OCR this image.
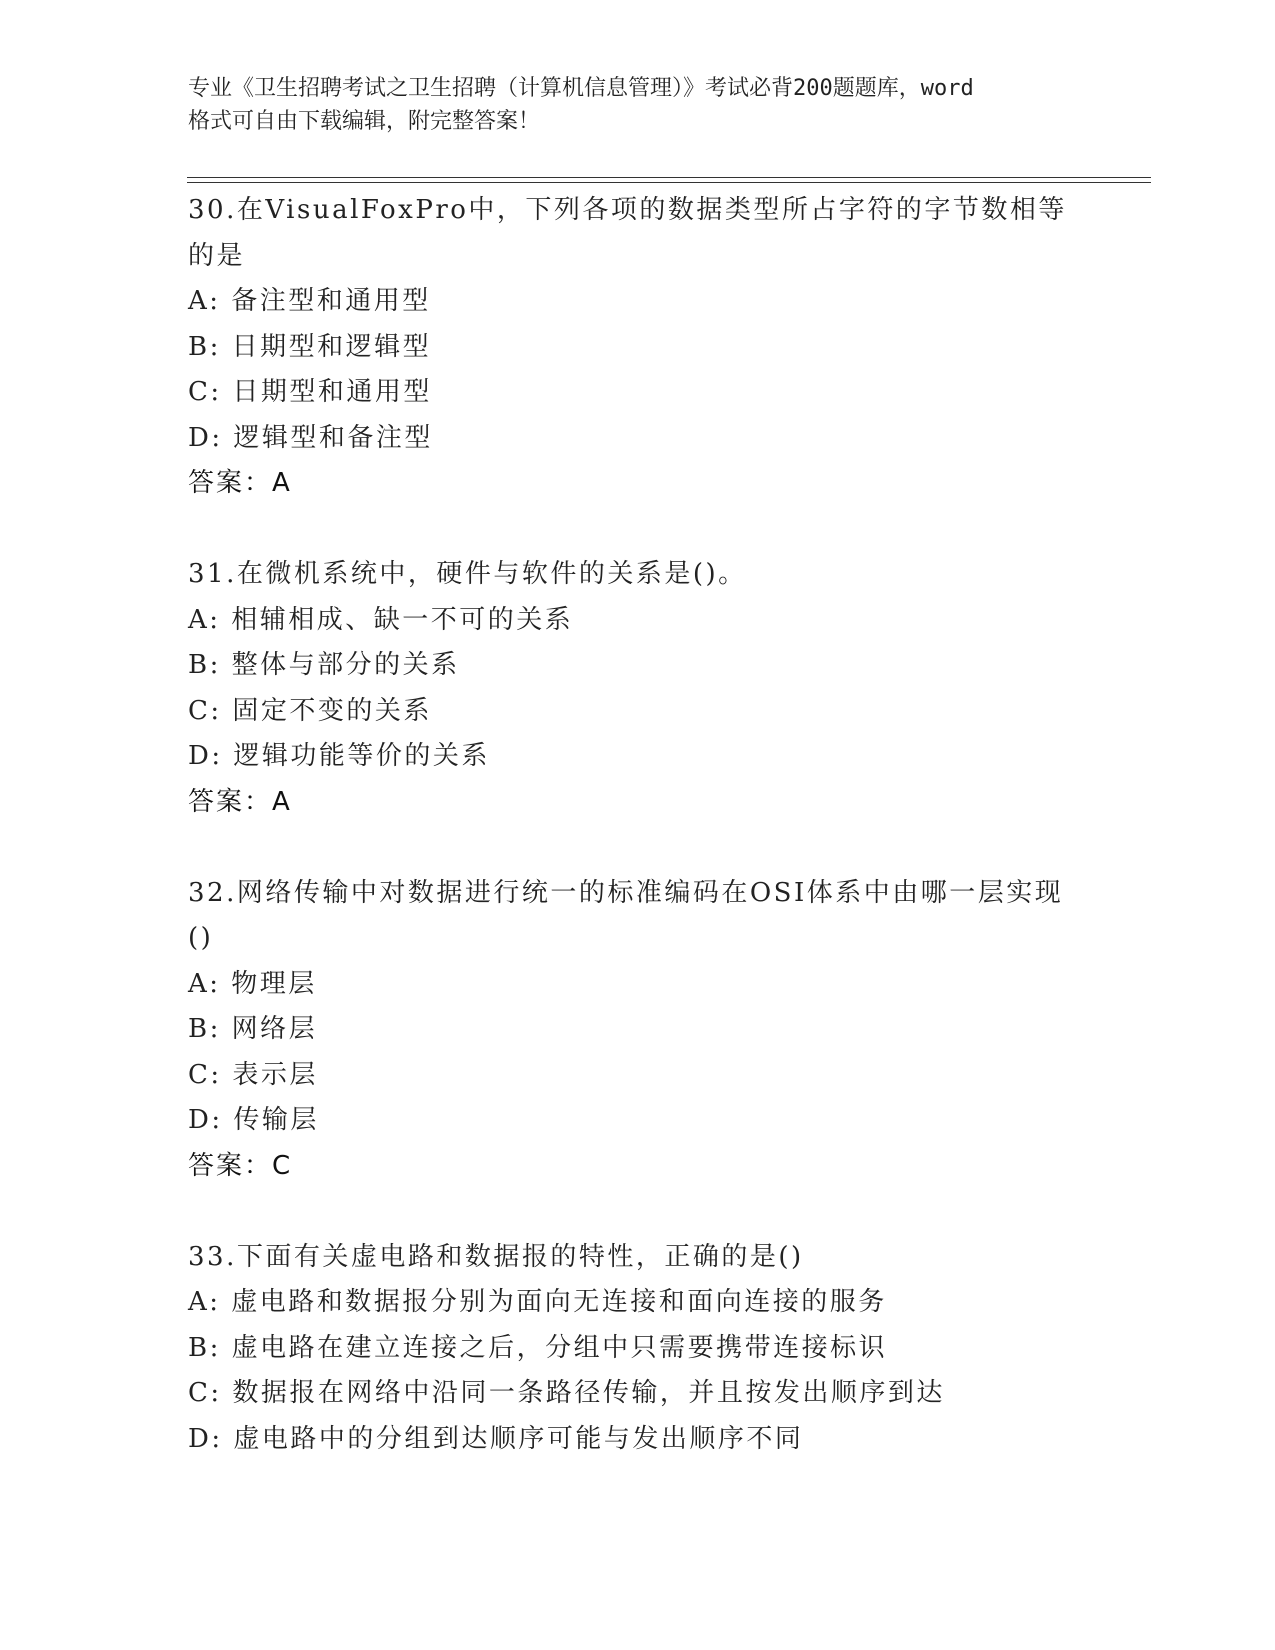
专业《卫生招聘考试之卫生招聘（计算机信息管理）》考试必背200题题库，word
格式可自由下载编辑，附完整答案！
30.在VisualFoxPro中，下列各项的数据类型所占字符的字节数相等
的是
A: 备注型和通用型
B: 日期型和逻辑型
C: 日期型和通用型
D: 逻辑型和备注型
答案：A
31.在微机系统中，硬件与软件的关系是()。
A: 相辅相成、缺一不可的关系
B: 整体与部分的关系
C: 固定不变的关系
D: 逻辑功能等价的关系
答案：A
32.网络传输中对数据进行统一的标准编码在OSI体系中由哪一层实现
()
A: 物理层
B: 网络层
C: 表示层
D: 传输层
答案：C
33.下面有关虚电路和数据报的特性，正确的是()
A: 虚电路和数据报分别为面向无连接和面向连接的服务
B: 虚电路在建立连接之后，分组中只需要携带连接标识
C: 数据报在网络中沿同一条路径传输，并且按发出顺序到达
D: 虚电路中的分组到达顺序可能与发出顺序不同
